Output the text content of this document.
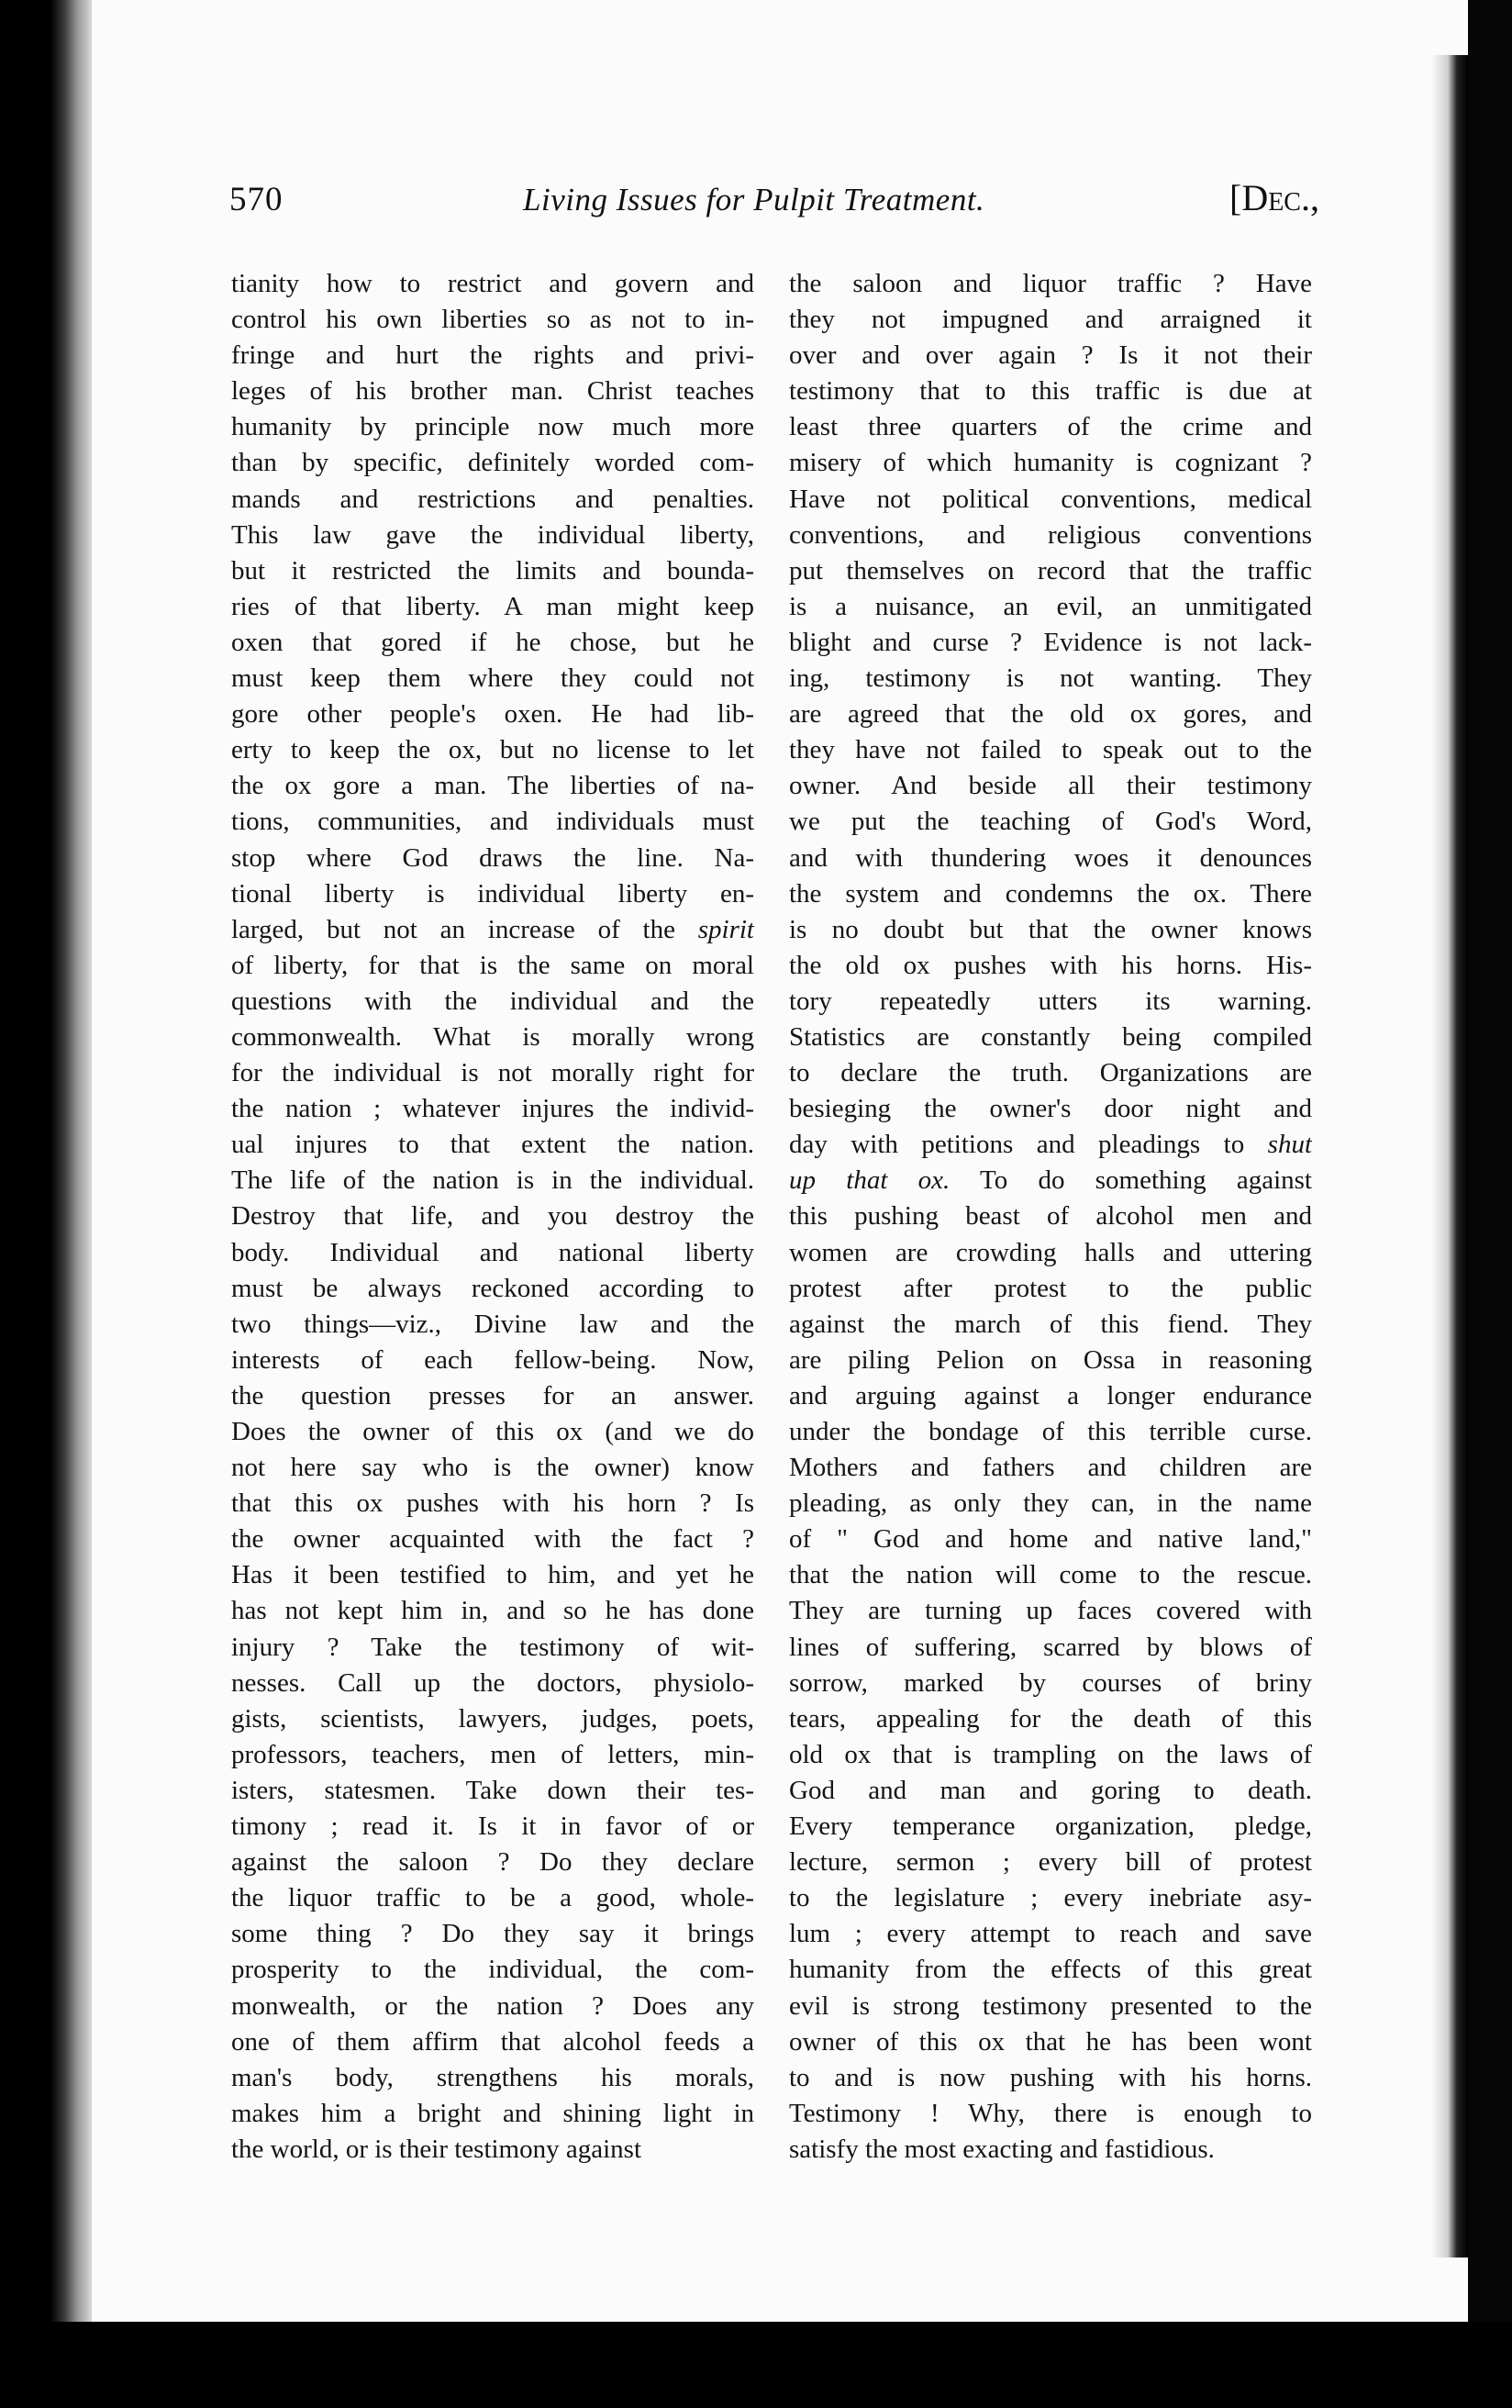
570	Living Issues for Pulpit Treatment.	[Dec.,
tianity how to restrict and govern and
control his own liberties so as not to in-
fringe and hurt the rights and privi-
leges of his brother man. Christ teaches
humanity by principle now much more
than by specific, definitely worded com-
mands and restrictions and penalties.
This law gave the individual liberty,
but it restricted the limits and bounda-
ries of that liberty. A man might keep
oxen that gored if he chose, but he
must keep them where they could not
gore other people's oxen. He had lib-
erty to keep the ox, but no license to let
the ox gore a man. The liberties of na-
tions, communities, and individuals must
stop where God draws the line. Na-
tional liberty is individual liberty en-
larged, but not an increase of the spirit
of liberty, for that is the same on moral
questions with the individual and the
commonwealth. What is morally wrong
for the individual is not morally right for
the nation ; whatever injures the individ-
ual injures to that extent the nation.
The life of the nation is in the individual.
Destroy that life, and you destroy the
body. Individual and national liberty
must be always reckoned according to
two things—viz., Divine law and the
interests of each fellow-being. Now,
the question presses for an answer.
Does the owner of this ox (and we do
not here say who is the owner) know
that this ox pushes with his horn ? Is
the owner acquainted with the fact ?
Has it been testified to him, and yet he
has not kept him in, and so he has done
injury ? Take the testimony of wit-
nesses. Call up the doctors, physiolo-
gists, scientists, lawyers, judges, poets,
professors, teachers, men of letters, min-
isters, statesmen. Take down their tes-
timony ; read it. Is it in favor of or
against the saloon ? Do they declare
the liquor traffic to be a good, whole-
some thing ? Do they say it brings
prosperity to the individual, the com-
monwealth, or the nation ? Does any
one of them affirm that alcohol feeds a
man's body, strengthens his morals,
makes him a bright and shining light in
the world, or is their testimony against
the saloon and liquor traffic ? Have
they not impugned and arraigned it
over and over again ? Is it not their
testimony that to this traffic is due at
least three quarters of the crime and
misery of which humanity is cognizant ?
Have not political conventions, medical
conventions, and religious conventions
put themselves on record that the traffic
is a nuisance, an evil, an unmitigated
blight and curse ? Evidence is not lack-
ing, testimony is not wanting. They
are agreed that the old ox gores, and
they have not failed to speak out to the
owner. And beside all their testimony
we put the teaching of God's Word,
and with thundering woes it denounces
the system and condemns the ox. There
is no doubt but that the owner knows
the old ox pushes with his horns. His-
tory repeatedly utters its warning.
Statistics are constantly being compiled
to declare the truth. Organizations are
besieging the owner's door night and
day with petitions and pleadings to shut
up that ox. To do something against
this pushing beast of alcohol men and
women are crowding halls and uttering
protest after protest to the public
against the march of this fiend. They
are piling Pelion on Ossa in reasoning
and arguing against a longer endurance
under the bondage of this terrible curse.
Mothers and fathers and children are
pleading, as only they can, in the name
of " God and home and native land,"
that the nation will come to the rescue.
They are turning up faces covered with
lines of suffering, scarred by blows of
sorrow, marked by courses of briny
tears, appealing for the death of this
old ox that is trampling on the laws of
God and man and goring to death.
Every temperance organization, pledge,
lecture, sermon ; every bill of protest
to the legislature ; every inebriate asy-
lum ; every attempt to reach and save
humanity from the effects of this great
evil is strong testimony presented to the
owner of this ox that he has been wont
to and is now pushing with his horns.
Testimony ! Why, there is enough to
satisfy the most exacting and fastidious.
